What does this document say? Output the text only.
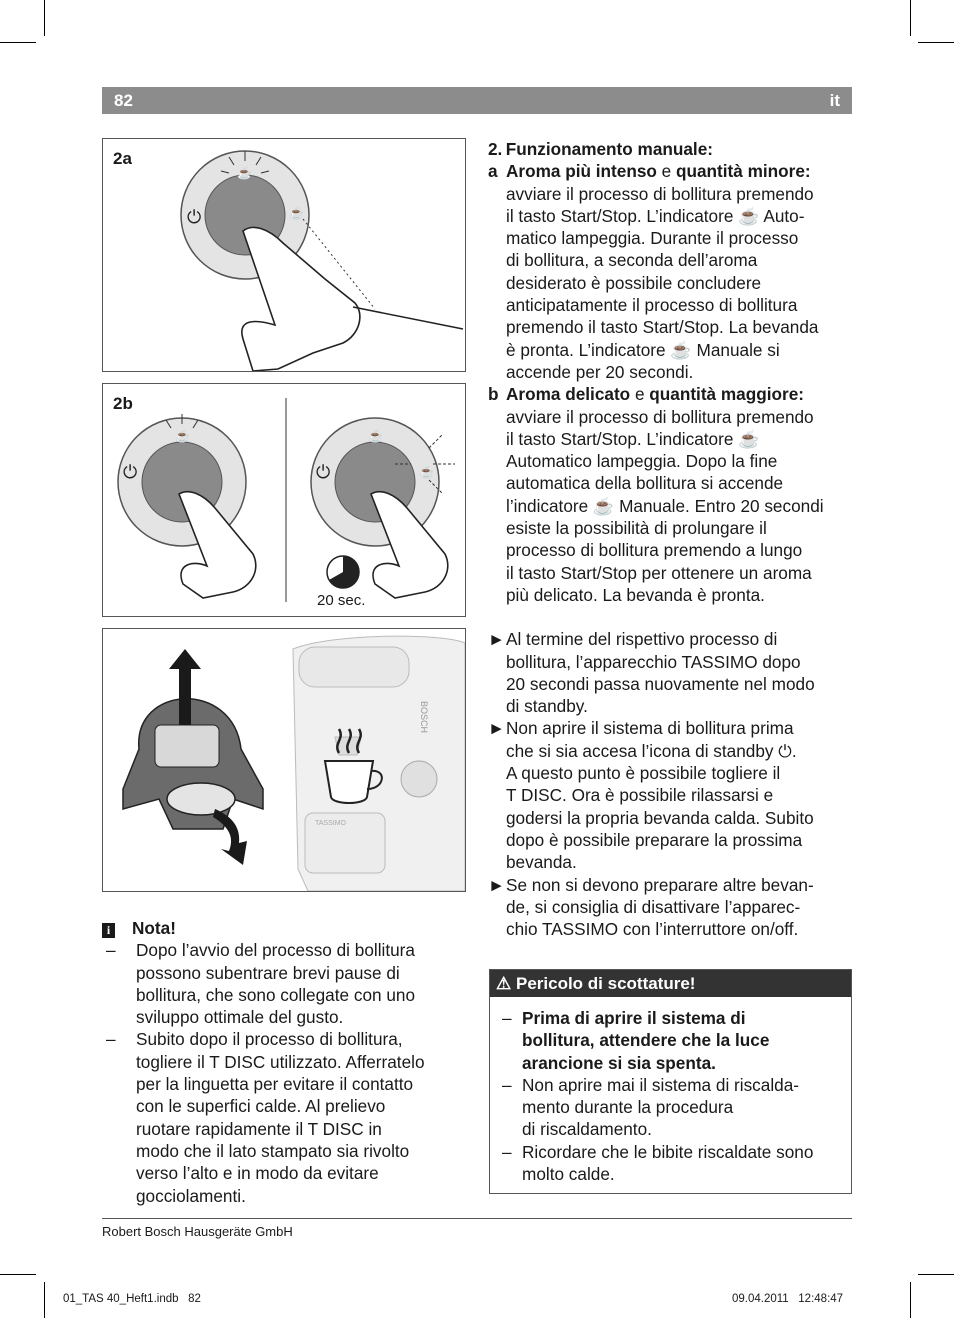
82	it
2a
⏻
☕
☕
2b
⏻
☕
⏻
☕
☕
20 sec.
BOSCH
TASSIMO
2. Funzionamento manuale:
a Aroma più intenso e quantità minore:
avviare il processo di bollitura premendo
il tasto Start/Stop. L’indicatore ☕ Auto-
matico lampeggia. Durante il processo
di bollitura, a seconda dell’aroma
desiderato è possibile concludere
anticipatamente il processo di bollitura
premendo il tasto Start/Stop. La bevanda
è pronta. L’indicatore ☕ Manuale si
accende per 20 secondi.
b Aroma delicato e quantità maggiore:
avviare il processo di bollitura premendo
il tasto Start/Stop. L’indicatore ☕
Automatico lampeggia. Dopo la fine
automatica della bollitura si accende
l’indicatore ☕ Manuale. Entro 20 secondi
esiste la possibilità di prolungare il
processo di bollitura premendo a lungo
il tasto Start/Stop per ottenere un aroma
più delicato. La bevanda è pronta.
► Al termine del rispettivo processo di
bollitura, l’apparecchio TASSIMO dopo
20 secondi passa nuovamente nel modo
di standby.
► Non aprire il sistema di bollitura prima
che si sia accesa l’icona di standby ⏻.
A questo punto è possibile togliere il
T DISC. Ora è possibile rilassarsi e
godersi la propria bevanda calda. Subito
dopo è possibile preparare la prossima
bevanda.
► Se non si devono preparare altre bevan-
de, si consiglia di disattivare l’apparec-
chio TASSIMO con l’interruttore on/off.
i	Nota!
–	Dopo l’avvio del processo di bollitura
possono subentrare brevi pause di
bollitura, che sono collegate con uno
sviluppo ottimale del gusto.
–	Subito dopo il processo di bollitura,
togliere il T DISC utilizzato. Afferratelo
per la linguetta per evitare il contatto
con le superfici calde. Al prelievo
ruotare rapidamente il T DISC in
modo che il lato stampato sia rivolto
verso l’alto e in modo da evitare
gocciolamenti.
⚠ Pericolo di scottature!
– Prima di aprire il sistema di
bollitura, attendere che la luce
arancione si sia spenta.
– Non aprire mai il sistema di riscalda-
mento durante la procedura
di riscaldamento.
– Ricordare che le bibite riscaldate sono
molto calde.
Robert Bosch Hausgeräte GmbH
01_TAS 40_Heft1.indb   82	09.04.2011   12:48:47
